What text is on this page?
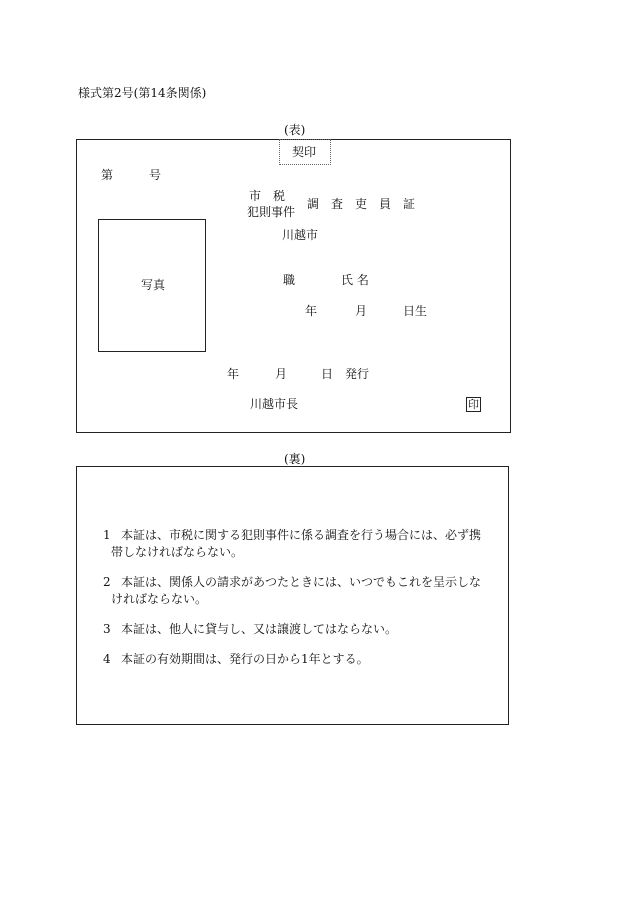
様式第2号(第14条関係)
(表)
契印
第	号
市　税
犯則事件
調査吏員証
川越市
写真	職	氏 名
年	月	日生
年	月	日 発行
川越市長	印
(裏)
1 本証は、市税に関する犯則事件に係る調査を行う場合には、必ず携
帯しなければならない。
2 本証は、関係人の請求があつたときには、いつでもこれを呈示しな
ければならない。
3 本証は、他人に貸与し、又は譲渡してはならない。
4 本証の有効期間は、発行の日から1年とする。
